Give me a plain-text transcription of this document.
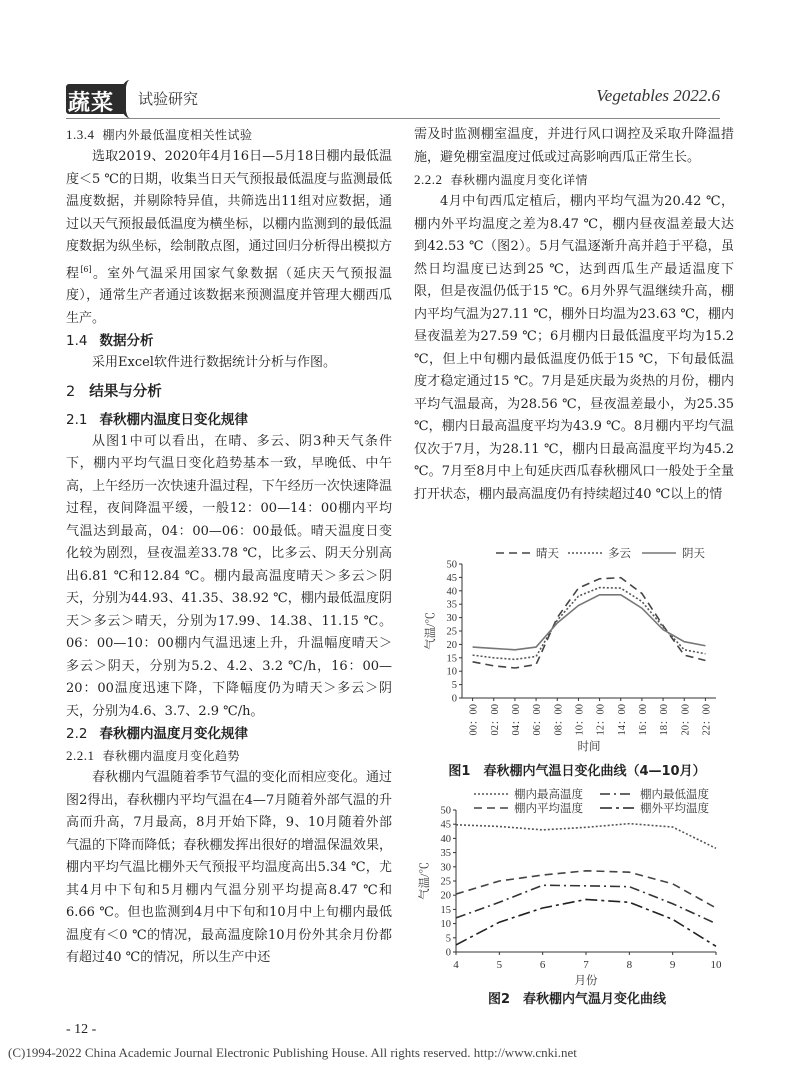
蔬菜 试验研究	Vegetables 2022.6

1.3.4 棚内外最低温度相关性试验

选取2019、2020年4月16日—5月18日棚内最低温度＜5 ℃的日期，收集当日天气预报最低温度与监测最低温度数据，并剔除特异值，共筛选出11组对应数据，通过以天气预报最低温度为横坐标，以棚内监测到的最低温度数据为纵坐标，绘制散点图，通过回归分析得出模拟方程[6]。室外气温采用国家气象数据（延庆天气预报温度），通常生产者通过该数据来预测温度并管理大棚西瓜生产。

1.4 数据分析

采用Excel软件进行数据统计分析与作图。

2 结果与分析

2.1 春秋棚内温度日变化规律

从图1中可以看出，在晴、多云、阴3种天气条件下，棚内平均气温日变化趋势基本一致，早晚低、中午高，上午经历一次快速升温过程，下午经历一次快速降温过程，夜间降温平缓，一般12：00—14：00棚内平均气温达到最高，04：00—06：00最低。晴天温度日变化较为剧烈，昼夜温差33.78 ℃，比多云、阴天分别高出6.81 ℃和12.84 ℃。棚内最高温度晴天＞多云＞阴天，分别为44.93、41.35、38.92 ℃，棚内最低温度阴天＞多云＞晴天，分别为17.99、14.38、11.15 ℃。06：00—10：00棚内气温迅速上升，升温幅度晴天＞多云＞阴天，分别为5.2、4.2、3.2 ℃/h，16：00—20：00温度迅速下降，下降幅度仍为晴天＞多云＞阴天，分别为4.6、3.7、2.9 ℃/h。

2.2 春秋棚内温度月变化规律

2.2.1 春秋棚内温度月变化趋势

春秋棚内气温随着季节气温的变化而相应变化。通过图2得出，春秋棚内平均气温在4—7月随着外部气温的升高而升高，7月最高，8月开始下降，9、10月随着外部气温的下降而降低；春秋棚发挥出很好的增温保温效果，棚内平均气温比棚外天气预报平均温度高出5.34 ℃，尤其4月中下旬和5月棚内气温分别平均提高8.47 ℃和6.66 ℃。但也监测到4月中下旬和10月中上旬棚内最低温度有＜0 ℃的情况，最高温度除10月份外其余月份都有超过40 ℃的情况，所以生产中还

需及时监测棚室温度，并进行风口调控及采取升降温措施，避免棚室温度过低或过高影响西瓜正常生长。

2.2.2 春秋棚内温度月变化详情

4月中旬西瓜定植后，棚内平均气温为20.42 ℃，棚内外平均温度之差为8.47 ℃，棚内昼夜温差最大达到42.53 ℃（图2）。5月气温逐渐升高并趋于平稳，虽然日均温度已达到25 ℃，达到西瓜生产最适温度下限，但是夜温仍低于15 ℃。6月外界气温继续升高，棚内平均气温为27.11 ℃，棚外日均温为23.63 ℃，棚内昼夜温差为27.59 ℃；6月棚内日最低温度平均为15.2 ℃，但上中旬棚内最低温度仍低于15 ℃，下旬最低温度才稳定通过15 ℃。7月是延庆最为炎热的月份，棚内平均气温最高，为28.56 ℃，昼夜温差最小，为25.35 ℃，棚内日最高温度平均为43.9 ℃。8月棚内平均气温仅次于7月，为28.11 ℃，棚内日最高温度平均为45.2 ℃。7月至8月中上旬延庆西瓜春秋棚风口一般处于全量打开状态，棚内最高温度仍有持续超过40 ℃以上的情

0
5
10
15
20
25
30
35
40
45
50
00：00 02：00 04：00 06：00 08：00 10：00 12：00 14：00 16：00 18：00 20：00 22：00
气温/℃
时间
晴天	多云	阴天
图1　春秋棚内气温日变化曲线（4—10月）
0
5
10
15
20
25
30
35
40
45
50
4	5	6	7	8	9	10
气温/℃
月份
棚内最高温度	棚内最低温度
棚内平均温度	棚外平均温度
图2　春秋棚内气温月变化曲线
- 12 -
(C)1994-2022 China Academic Journal Electronic Publishing House. All rights reserved. http://www.cnki.net
